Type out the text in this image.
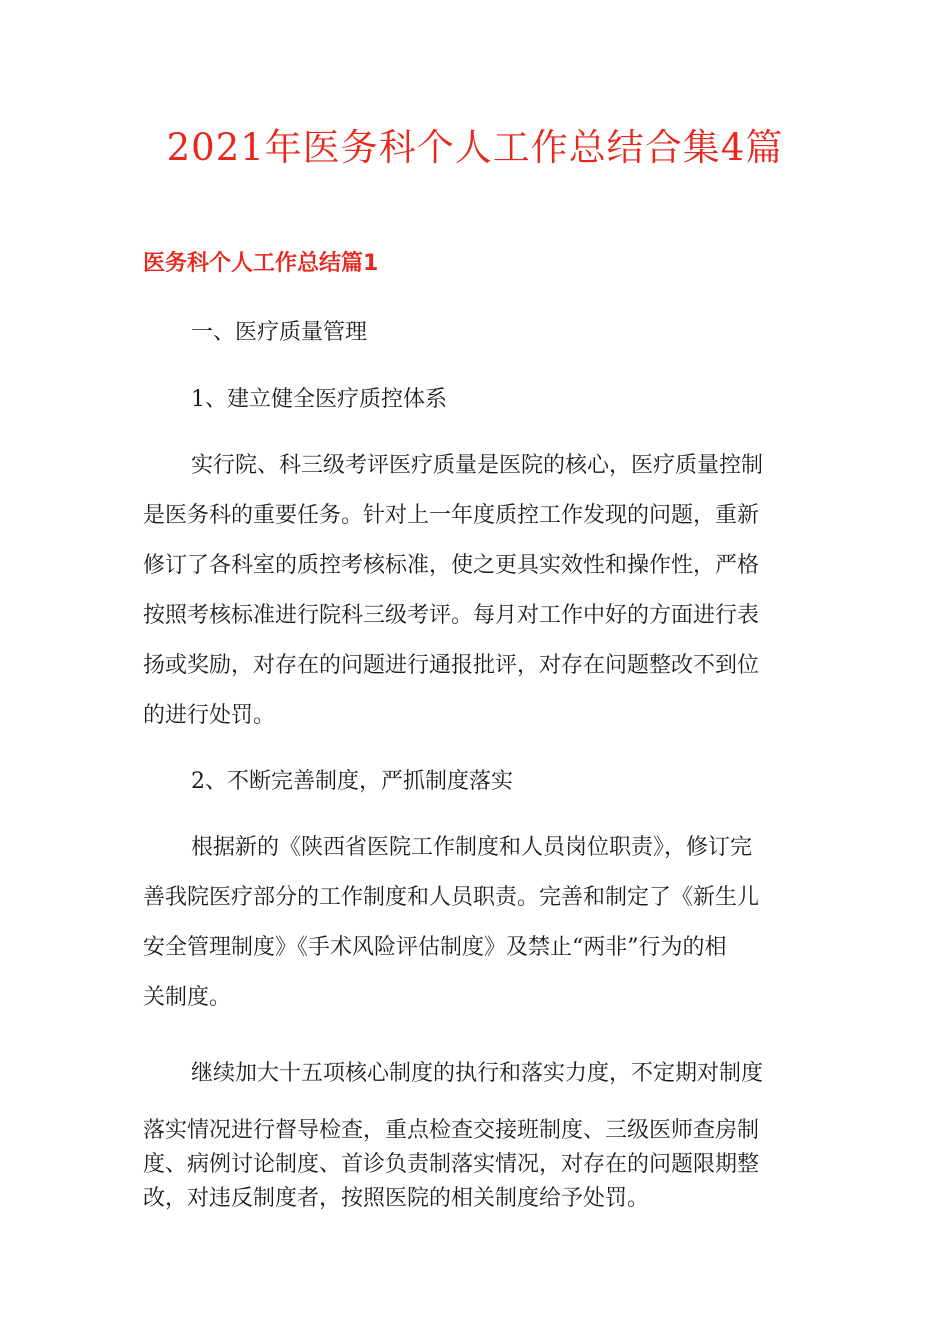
2021年医务科个人工作总结合集4篇
医务科个人工作总结篇1
一、医疗质量管理
1、建立健全医疗质控体系
实行院、科三级考评医疗质量是医院的核心，医疗质量控制
是医务科的重要任务。针对上一年度质控工作发现的问题，重新
修订了各科室的质控考核标准，使之更具实效性和操作性，严格
按照考核标准进行院科三级考评。每月对工作中好的方面进行表
扬或奖励，对存在的问题进行通报批评，对存在问题整改不到位
的进行处罚。
2、不断完善制度，严抓制度落实
根据新的《陕西省医院工作制度和人员岗位职责》，修订完
善我院医疗部分的工作制度和人员职责。完善和制定了《新生儿
安全管理制度》《手术风险评估制度》及禁止“两非”行为的相
关制度。
继续加大十五项核心制度的执行和落实力度，不定期对制度
落实情况进行督导检查，重点检查交接班制度、三级医师查房制
度、病例讨论制度、首诊负责制落实情况，对存在的问题限期整
改，对违反制度者，按照医院的相关制度给予处罚。
